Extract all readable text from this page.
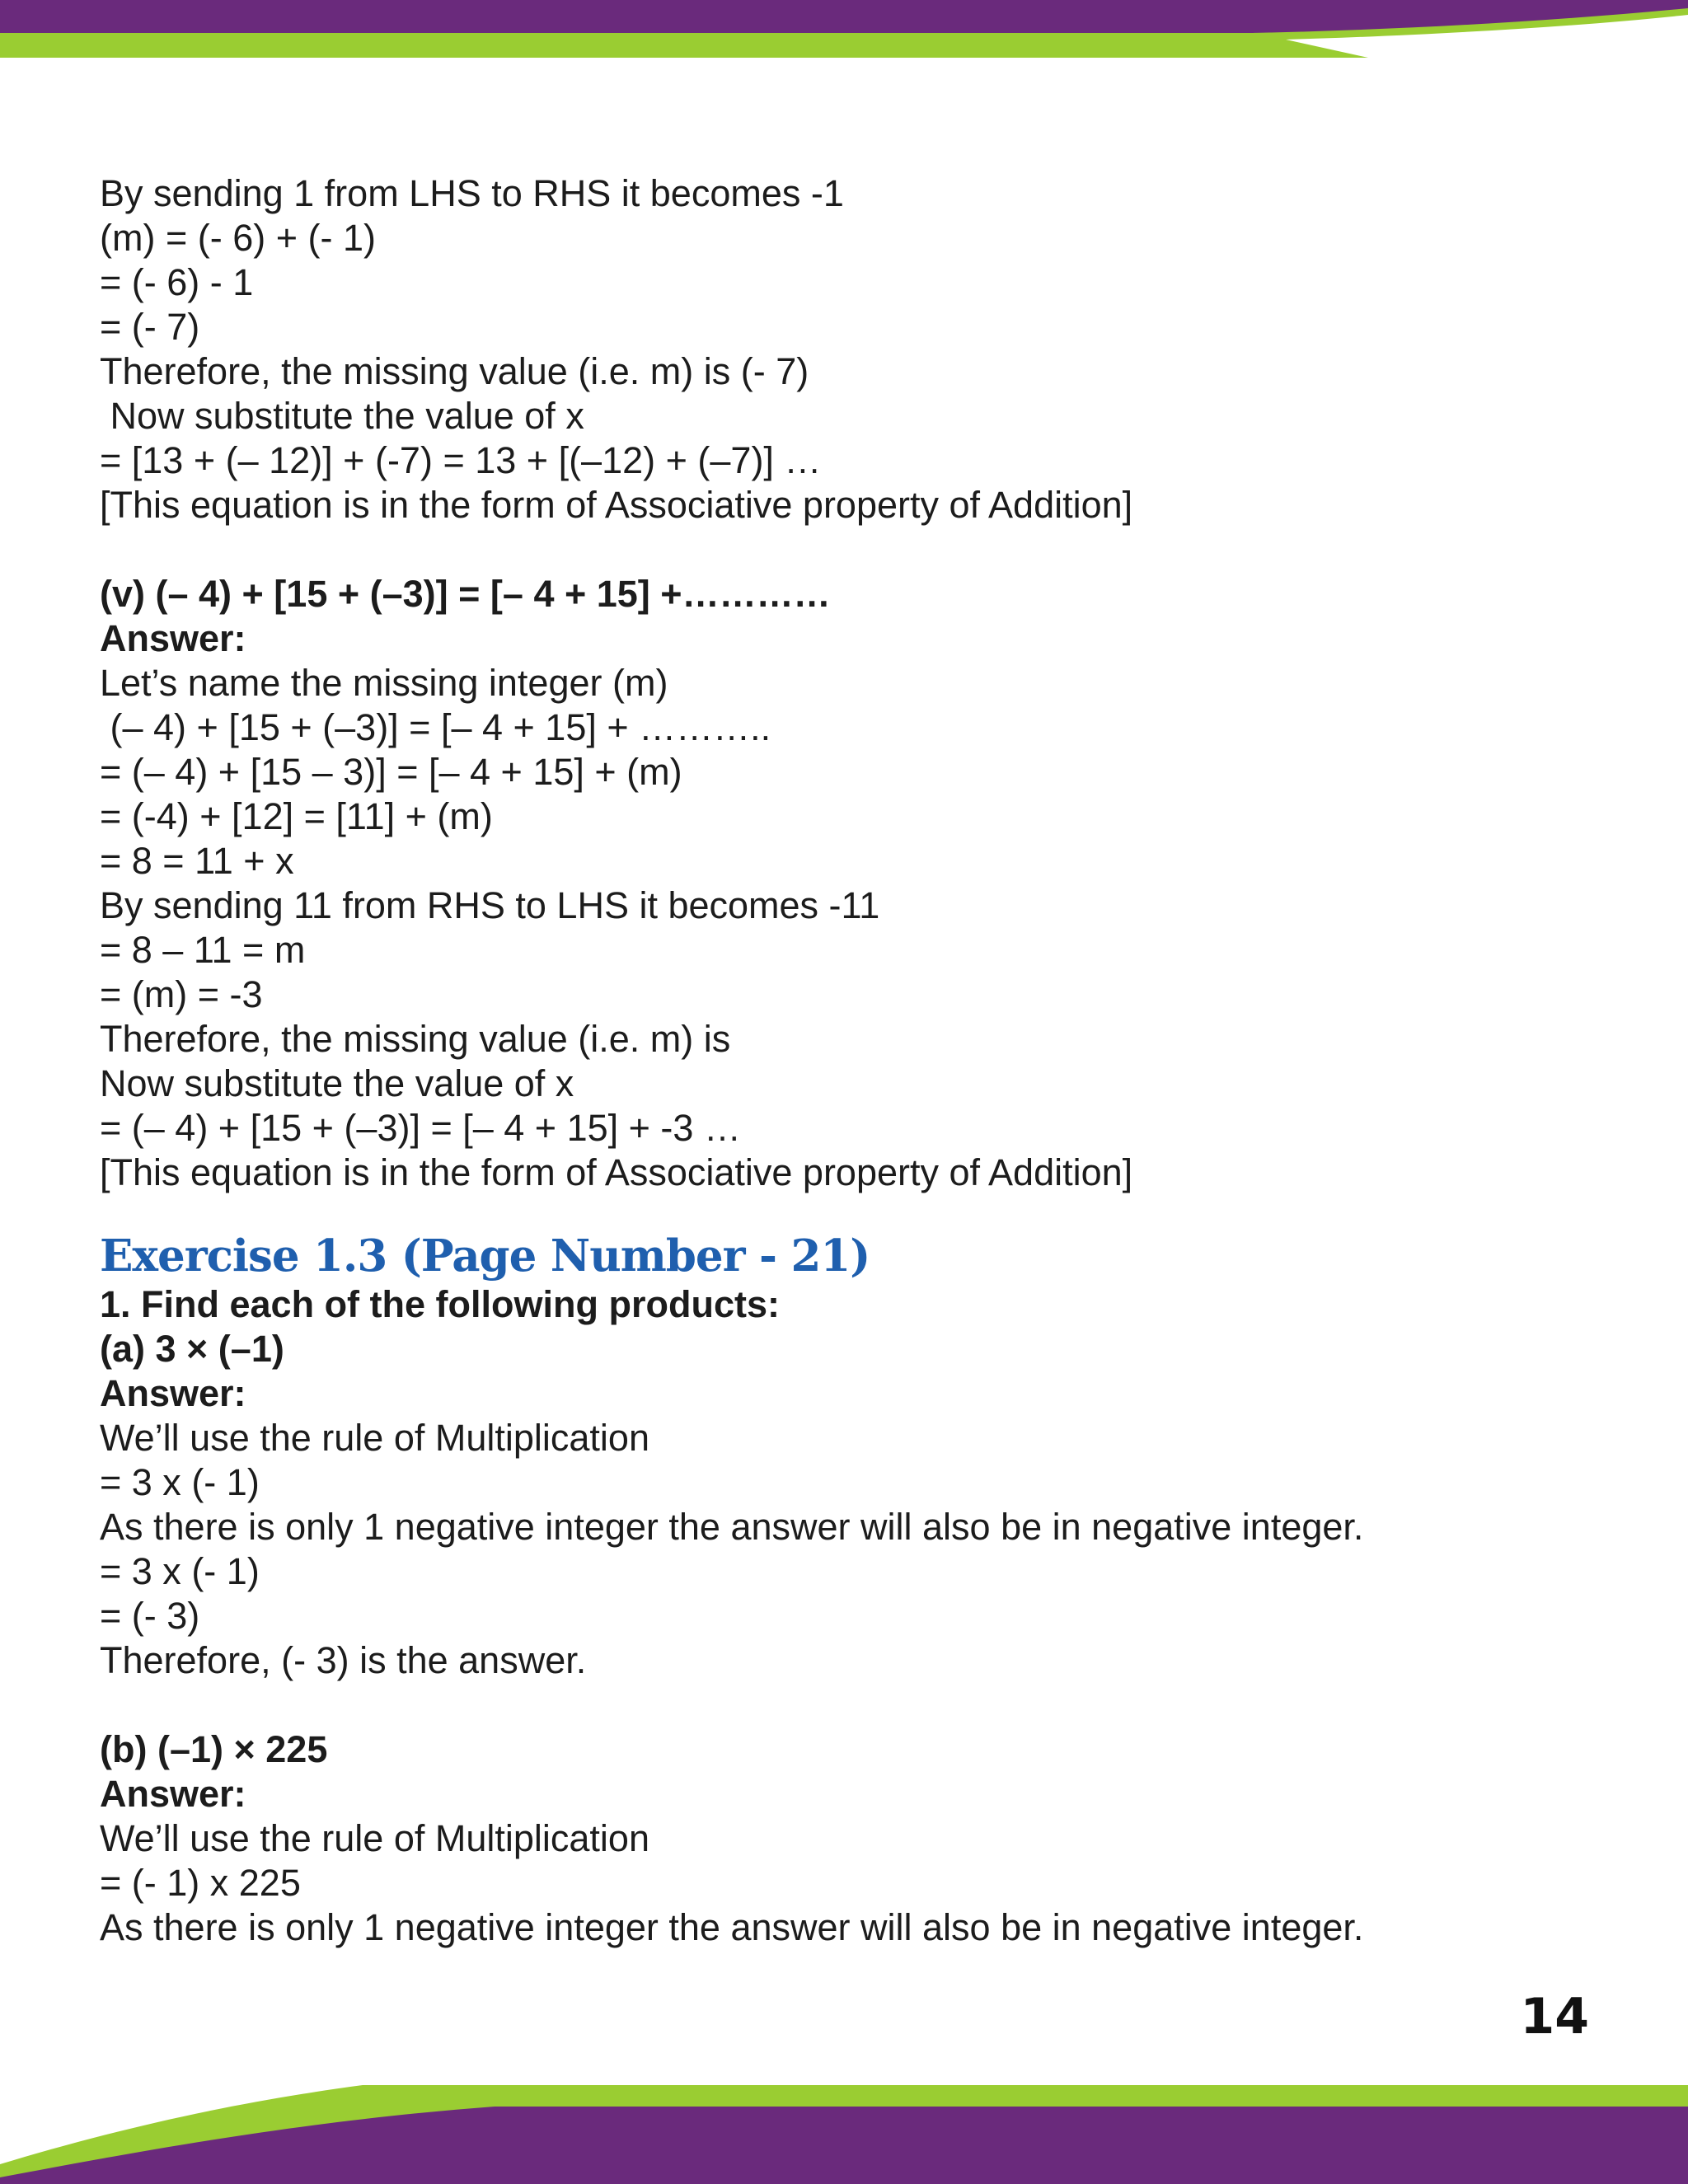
By sending 1 from LHS to RHS it becomes -1

(m) = (- 6) + (- 1)

= (- 6) - 1

= (- 7)

Therefore, the missing value (i.e. m) is (- 7)

Now substitute the value of x

= [13 + (– 12)] + (-7) = 13 + [(–12) + (–7)] …

[This equation is in the form of Associative property of Addition]

(v) (– 4) + [15 + (–3)] = [– 4 + 15] +…………

Answer:

Let’s name the missing integer (m)

(– 4) + [15 + (–3)] = [– 4 + 15] + ………..

= (– 4) + [15 – 3)] = [– 4 + 15] + (m)

= (-4) + [12] = [11] + (m)

= 8 = 11 + x

By sending 11 from RHS to LHS it becomes -11

= 8 – 11 = m

= (m) = -3

Therefore, the missing value (i.e. m) is

Now substitute the value of x

= (– 4) + [15 + (–3)] = [– 4 + 15] + -3 …

[This equation is in the form of Associative property of Addition]

Exercise 1.3 (Page Number - 21)

1. Find each of the following products:

(a) 3 × (–1)

Answer:

We’ll use the rule of Multiplication

= 3 x (- 1)

As there is only 1 negative integer the answer will also be in negative integer.

= 3 x (- 1)

= (- 3)

Therefore, (- 3) is the answer.

(b) (–1) × 225

Answer:

We’ll use the rule of Multiplication

= (- 1) x 225

As there is only 1 negative integer the answer will also be in negative integer.

14
